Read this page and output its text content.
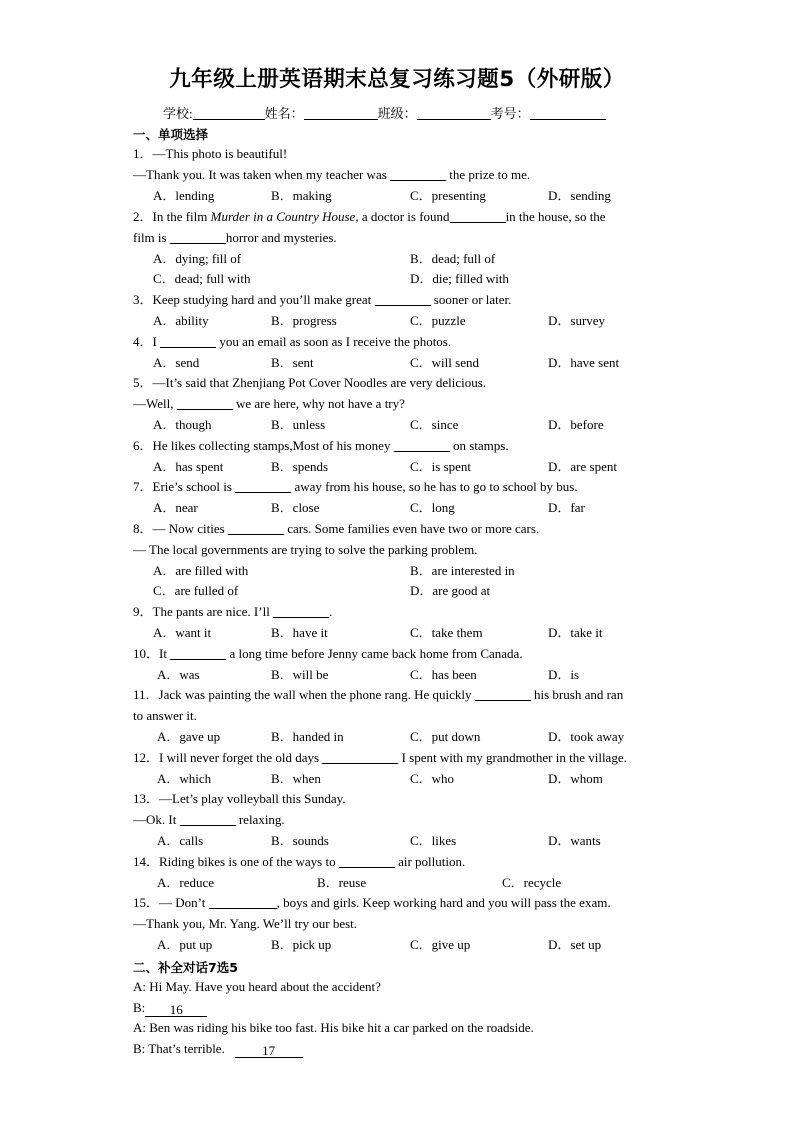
九年级上册英语期末总复习练习题5（外研版）
学校:	姓名：	班级：	考号：
一、单项选择
1．—This photo is beautiful!
—Thank you. It was taken when my teacher was	the prize to me.
A．lending	B．making	C．presenting	D．sending
2．In the film Murder in a Country House, a doctor is found	in the house, so the
film is	horror and mysteries.
A．dying; fill of	B．dead; full of
C．dead; full with	D．die; filled with
3．Keep studying hard and you’ll make great	sooner or later.
A．ability	B．progress	C．puzzle	D．survey
4．I	you an email as soon as I receive the photos.
A．send	B．sent	C．will send	D．have sent
5．—It’s said that Zhenjiang Pot Cover Noodles are very delicious.
—Well,	we are here, why not have a try?
A．though	B．unless	C．since	D．before
6．He likes collecting stamps,Most of his money	on stamps.
A．has spent	B．spends	C．is spent	D．are spent
7．Erie’s school is	away from his house, so he has to go to school by bus.
A．near	B．close	C．long	D．far
8．— Now cities	cars. Some families even have two or more cars.
— The local governments are trying to solve the parking problem.
A．are filled with	B．are interested in
C．are fulled of	D．are good at
9．The pants are nice. I’ll	.
A．want it	B．have it	C．take them	D．take it
10．It	a long time before Jenny came back home from Canada.
A．was	B．will be	C．has been	D．is
11．Jack was painting the wall when the phone rang. He quickly	his brush and ran
to answer it.
A．gave up	B．handed in	C．put down	D．took away
12．I will never forget the old days	I spent with my grandmother in the village.
A．which	B．when	C．who	D．whom
13．—Let’s play volleyball this Sunday.
—Ok. It	relaxing.
A．calls	B．sounds	C．likes	D．wants
14．Riding bikes is one of the ways to	air pollution.
A．reduce	B．reuse	C．recycle
15．— Don’t	, boys and girls. Keep working hard and you will pass the exam.
—Thank you, Mr. Yang. We’ll try our best.
A．put up	B．pick up	C．give up	D．set up
二、补全对话7选5
A: Hi May. Have you heard about the accident?
B: 16
A: Ben was riding his bike too fast. His bike hit a car parked on the roadside.
B: That’s terrible.	17
